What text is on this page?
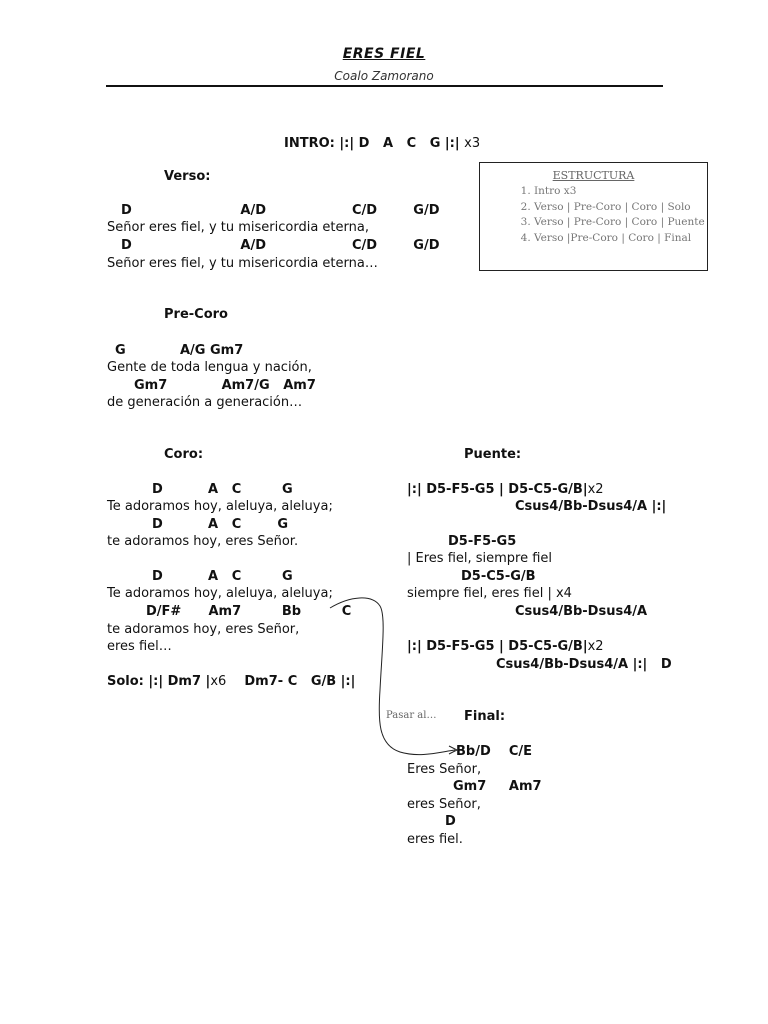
ERES FIEL
Coalo Zamorano
INTRO: |:| D   A   C   G |:| x3
ESTRUCTURA
1. Intro x3
2. Verso | Pre-Coro | Coro | Solo
3. Verso | Pre-Coro | Coro | Puente
4. Verso |Pre-Coro | Coro | Final
Verso:
D                        A/D                   C/D        G/D
Señor eres fiel, y tu misericordia eterna,
D                        A/D                   C/D        G/D
Señor eres fiel, y tu misericordia eterna…
Pre-Coro
G            A/G Gm7
Gente de toda lengua y nación,
Gm7            Am7/G   Am7
de generación a generación…
Coro:
D          A   C         G
Te adoramos hoy, aleluya, aleluya;
D          A   C        G
te adoramos hoy, eres Señor.
D          A   C         G
Te adoramos hoy, aleluya, aleluya;
D/F#      Am7         Bb         C
te adoramos hoy, eres Señor,
eres fiel…
Solo: |:| Dm7 |x6 Dm7- C   G/B |:|
Puente:
|:| D5-F5-G5 | D5-C5-G/B|x2
Csus4/Bb-Dsus4/A |:|
D5-F5-G5
| Eres fiel, siempre fiel
D5-C5-G/B
siempre fiel, eres fiel | x4
Csus4/Bb-Dsus4/A
|:| D5-F5-G5 | D5-C5-G/B|x2
Csus4/Bb-Dsus4/A |:|   D
Final:
Pasar al…
Bb/D    C/E
Eres Señor,
Gm7     Am7
eres Señor,
D
eres fiel.
